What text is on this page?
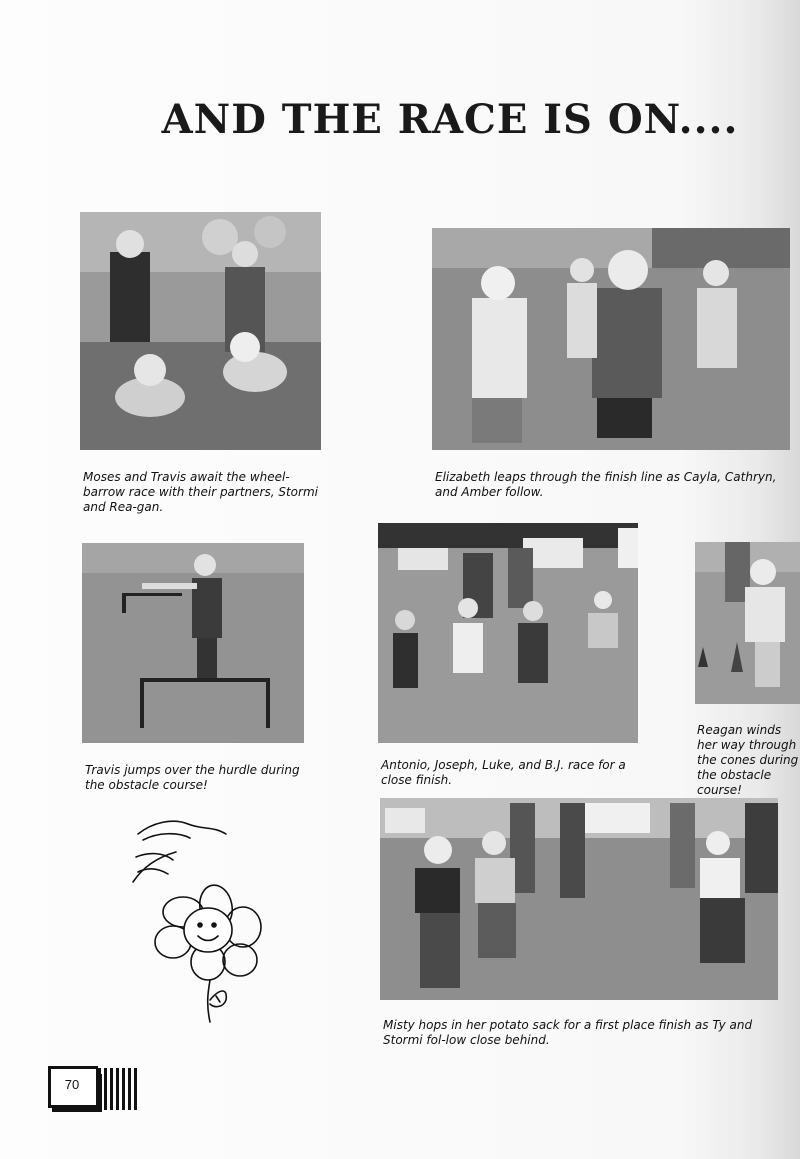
AND THE RACE IS ON....
Moses and Travis await the wheel-barrow race with their partners, Stormi and Rea-gan.
Elizabeth leaps through the finish line as Cayla, Cathryn, and Amber follow.
Travis jumps over the hurdle during the obstacle course!
Antonio, Joseph, Luke, and B.J. race for a close finish.
Reagan winds her way through the cones during the obstacle course!
Misty hops in her potato sack for a first place finish as Ty and Stormi fol-low close behind.
70
